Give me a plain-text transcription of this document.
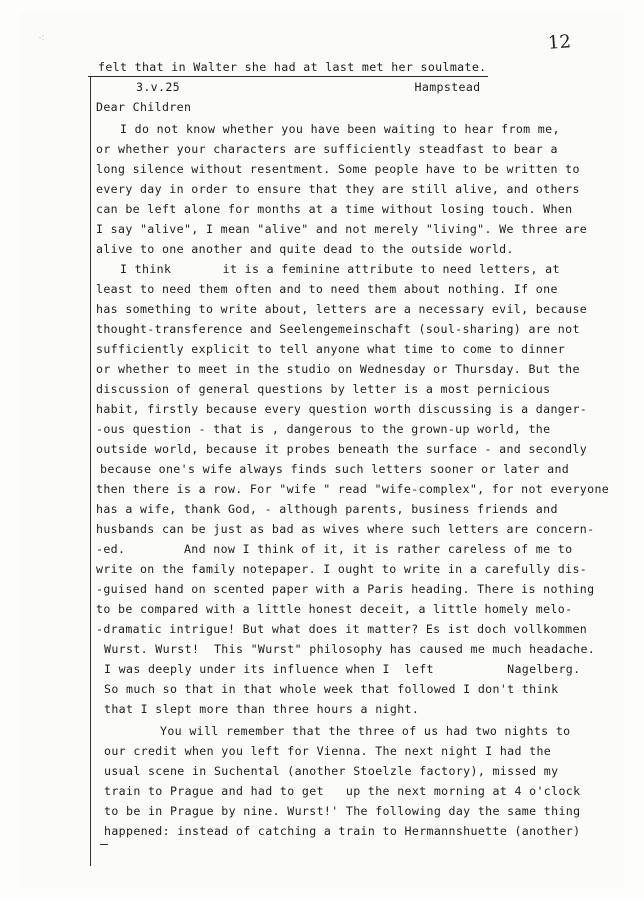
⁖	12
felt that in Walter she had at last met her soulmate.
3.v.25                                Hampstead
Dear Children
I do not know whether you have been waiting to hear from me,
or whether your characters are sufficiently steadfast to bear a
long silence without resentment. Some people have to be written to
every day in order to ensure that they are still alive, and others
can be left alone for months at a time without losing touch. When
I say "alive", I mean "alive" and not merely "living". We three are
alive to one another and quite dead to the outside world.
I think       it is a feminine attribute to need letters, at
least to need them often and to need them about nothing. If one
has something to write about, letters are a necessary evil, because
thought-transference and Seelengemeinschaft (soul-sharing) are not
sufficiently explicit to tell anyone what time to come to dinner
or whether to meet in the studio on Wednesday or Thursday. But the
discussion of general questions by letter is a most pernicious
habit, firstly because every question worth discussing is a danger-
-ous question - that is , dangerous to the grown-up world, the
outside world, because it probes beneath the surface - and secondly
because one's wife always finds such letters sooner or later and
then there is a row. For "wife " read "wife-complex", for not everyone
has a wife, thank God, - although parents, business friends and
husbands can be just as bad as wives where such letters are concern-
-ed.        And now I think of it, it is rather careless of me to
write on the family notepaper. I ought to write in a carefully dis-
-guised hand on scented paper with a Paris heading. There is nothing
to be compared with a little honest deceit, a little homely melo-
-dramatic intrigue! But what does it matter? Es ist doch vollkommen
Wurst. Wurst!  This "Wurst" philosophy has caused me much headache.
I was deeply under its influence when I  left          Nagelberg.
So much so that in that whole week that followed I don't think
that I slept more than three hours a night.
You will remember that the three of us had two nights to
our credit when you left for Vienna. The next night I had the
usual scene in Suchental (another Stoelzle factory), missed my
train to Prague and had to get   up the next morning at 4 o'clock
to be in Prague by nine. Wurst!' The following day the same thing
happened: instead of catching a train to Hermannshuette (another)
